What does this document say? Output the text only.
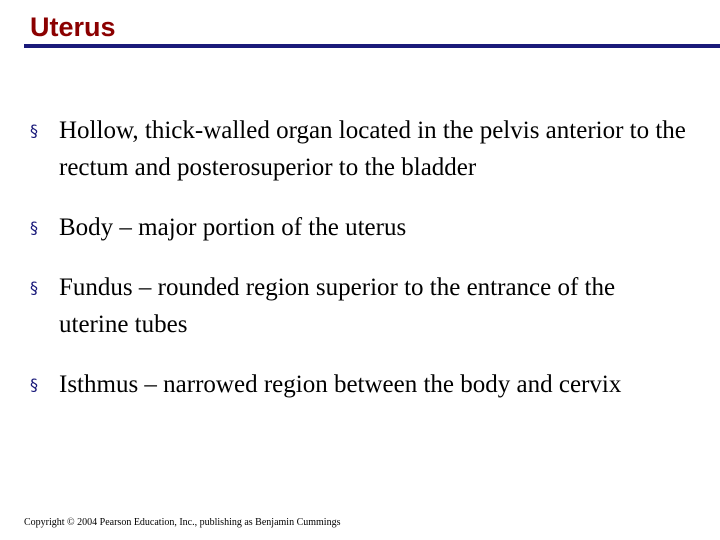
Uterus
§ Hollow, thick-walled organ located in the pelvis anterior to the rectum and posterosuperior to the bladder
§ Body – major portion of the uterus
§ Fundus – rounded region superior to the entrance of the uterine tubes
§ Isthmus – narrowed region between the body and cervix
Copyright © 2004 Pearson Education, Inc., publishing as Benjamin Cummings
